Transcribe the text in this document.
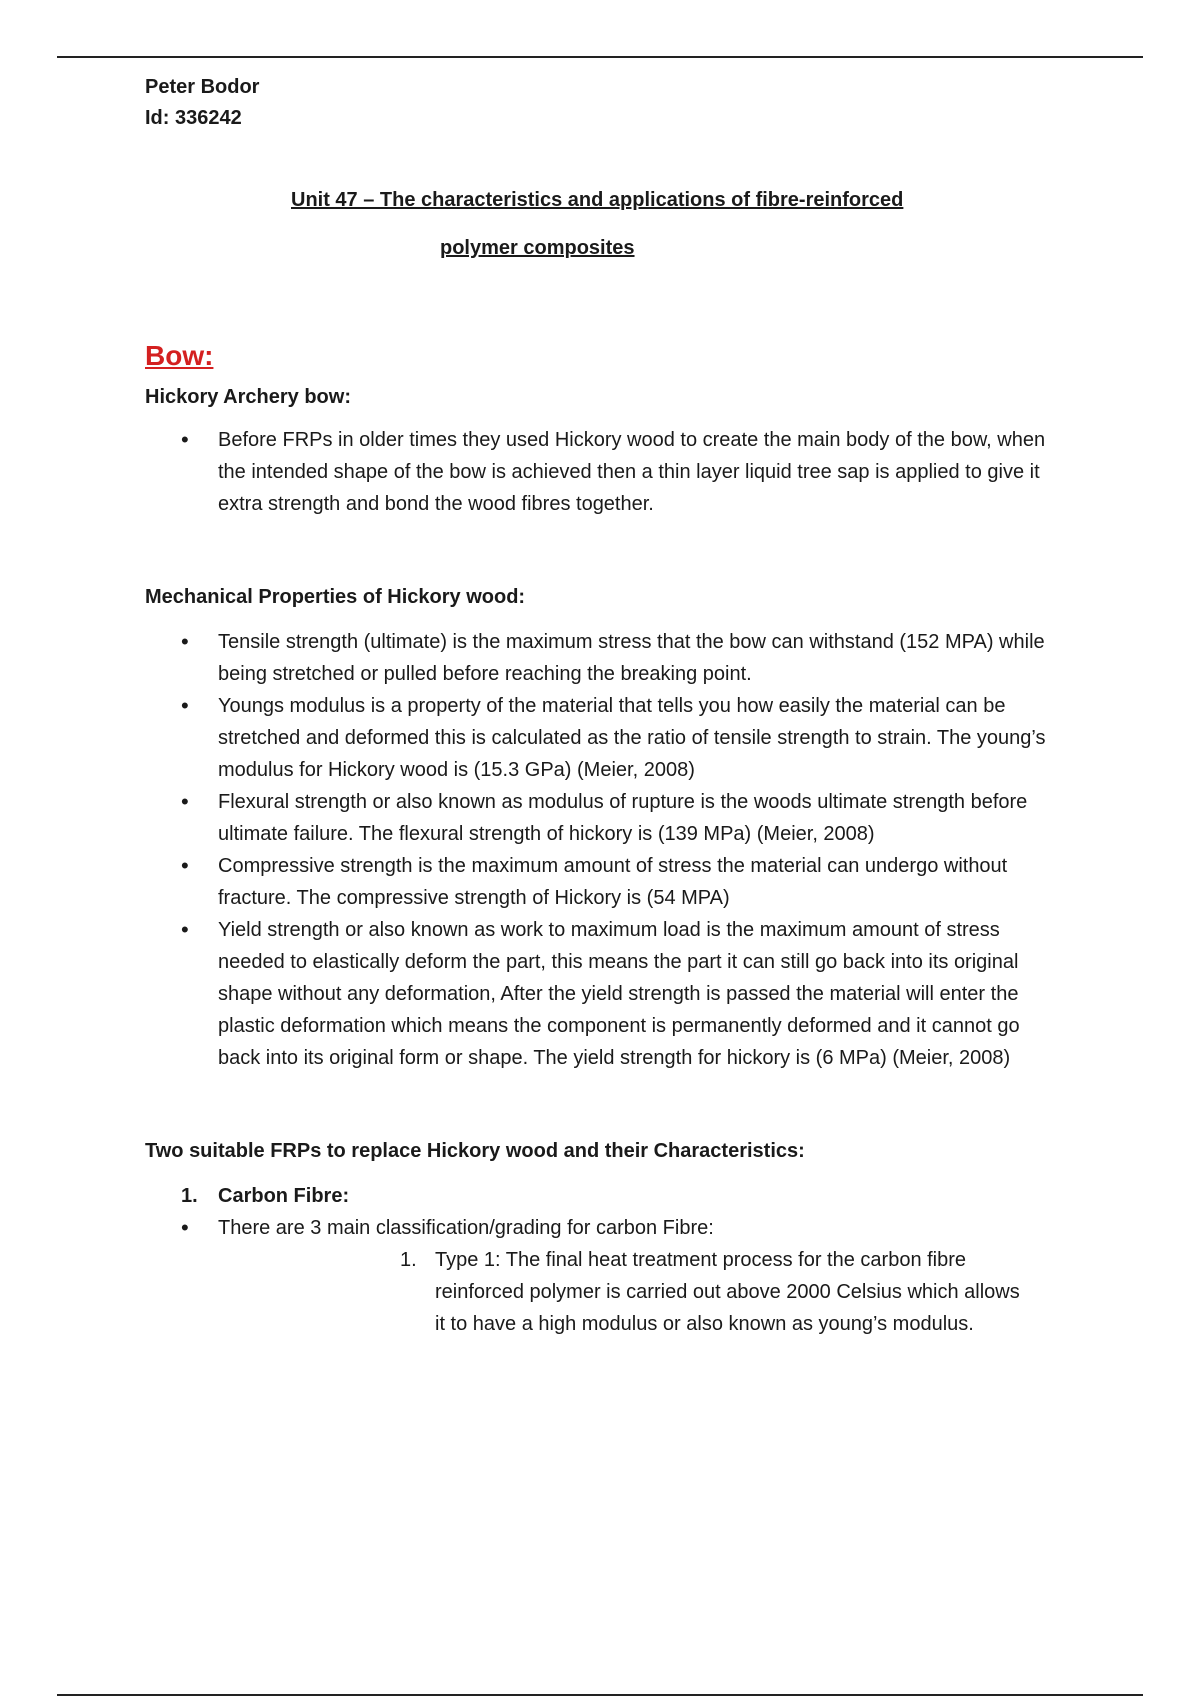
Peter Bodor
Id: 336242
Unit 47 – The characteristics and applications of fibre-reinforced
polymer composites
Bow:

Hickory Archery bow:

• Before FRPs in older times they used Hickory wood to create the main body of the bow, when the intended shape of the bow is achieved then a thin layer liquid tree sap is applied to give it extra strength and bond the wood fibres together.

Mechanical Properties of Hickory wood:

• Tensile strength (ultimate) is the maximum stress that the bow can withstand (152 MPA) while being stretched or pulled before reaching the breaking point.
• Youngs modulus is a property of the material that tells you how easily the material can be stretched and deformed this is calculated as the ratio of tensile strength to strain. The young’s modulus for Hickory wood is (15.3 GPa) (Meier, 2008)
• Flexural strength or also known as modulus of rupture is the woods ultimate strength before ultimate failure. The flexural strength of hickory is (139 MPa) (Meier, 2008)
• Compressive strength is the maximum amount of stress the material can undergo without fracture. The compressive strength of Hickory is (54 MPA)
• Yield strength or also known as work to maximum load is the maximum amount of stress needed to elastically deform the part, this means the part it can still go back into its original shape without any deformation, After the yield strength is passed the material will enter the plastic deformation which means the component is permanently deformed and it cannot go back into its original form or shape. The yield strength for hickory is (6 MPa) (Meier, 2008)

Two suitable FRPs to replace Hickory wood and their Characteristics:

1. Carbon Fibre:
• There are 3 main classification/grading for carbon Fibre:
1. Type 1: The final heat treatment process for the carbon fibre reinforced polymer is carried out above 2000 Celsius which allows it to have a high modulus or also known as young’s modulus.
